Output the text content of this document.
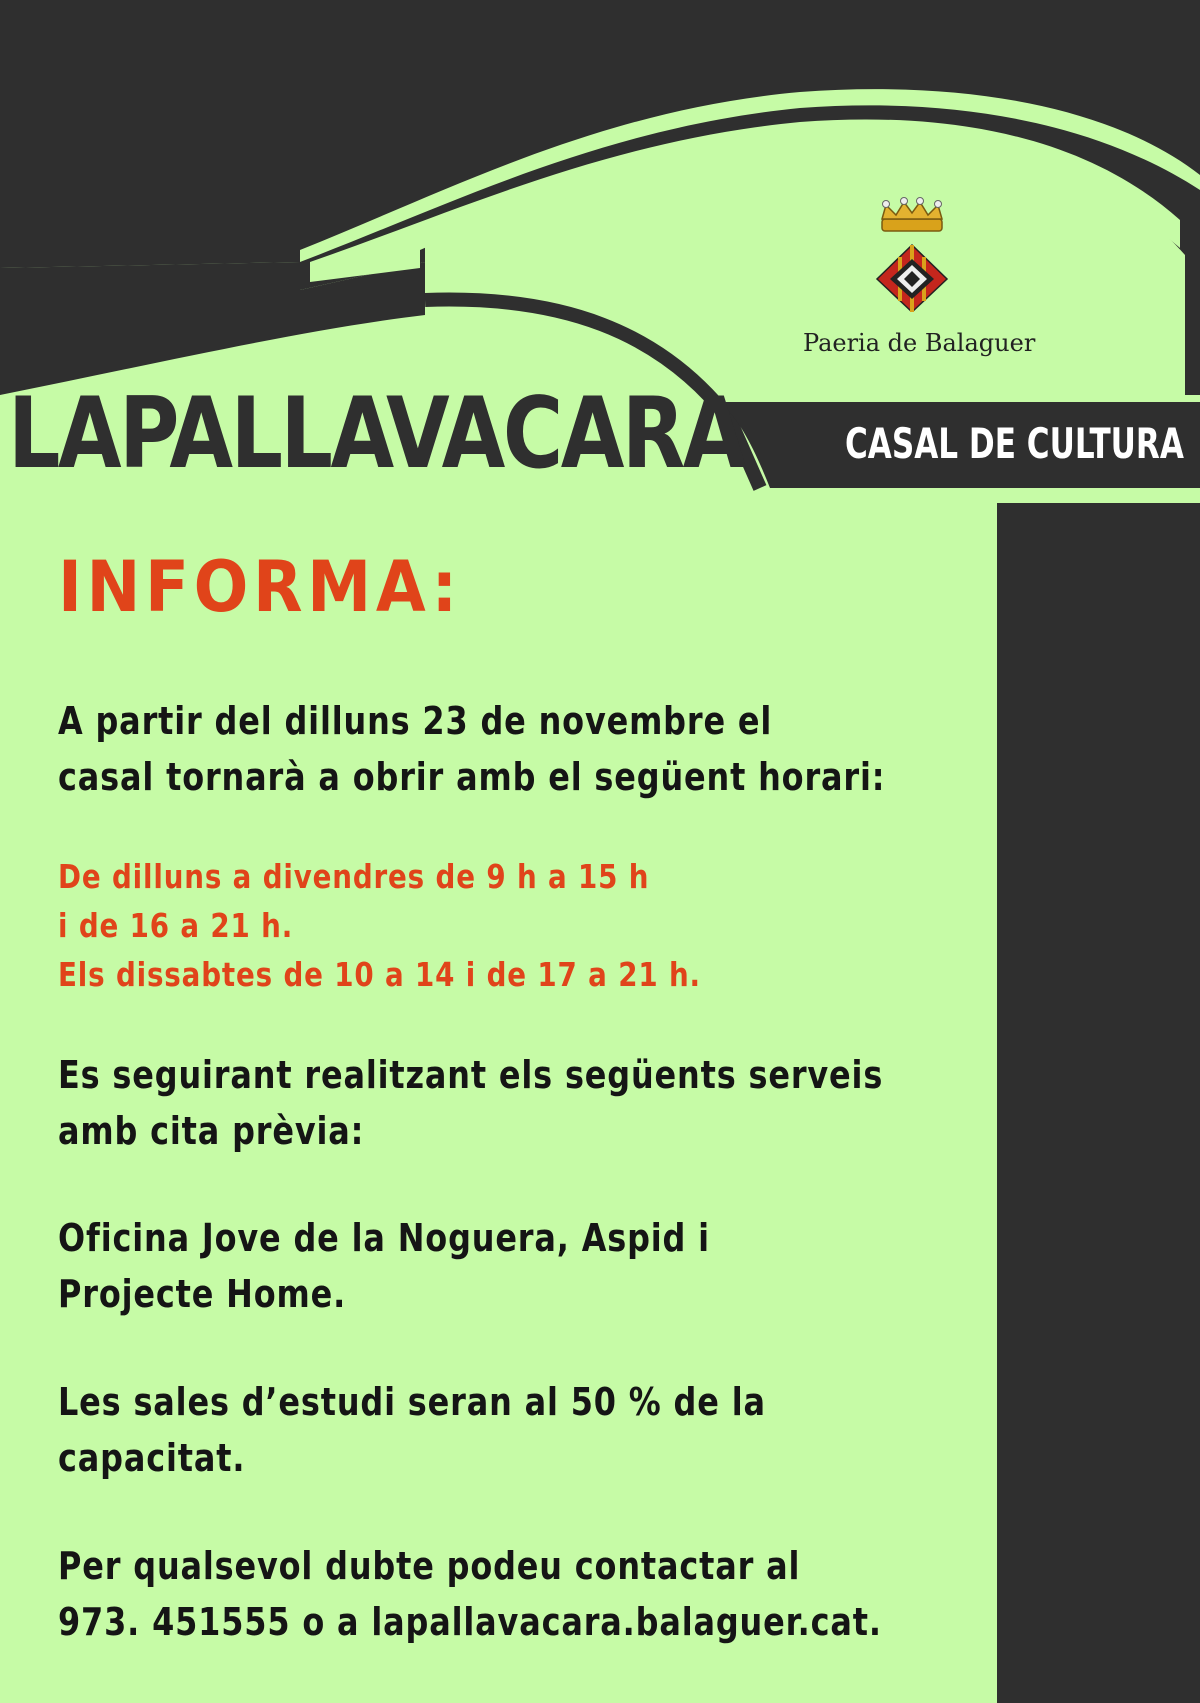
Paeria de Balaguer
LAPALLAVACARA CASAL DE CULTURA
INFORMA:

A partir del dilluns 23 de novembre el
casal tornarà a obrir amb el següent horari:

De dilluns a divendres de 9 h a 15 h
i de 16 a 21 h.
Els dissabtes de 10 a 14 i de 17 a 21 h.

Es seguirant realitzant els següents serveis
amb cita prèvia:

Oficina Jove de la Noguera, Aspid i
Projecte Home.

Les sales d’estudi seran al 50 % de la
capacitat.

Per qualsevol dubte podeu contactar al
973. 451555 o a lapallavacara.balaguer.cat.
